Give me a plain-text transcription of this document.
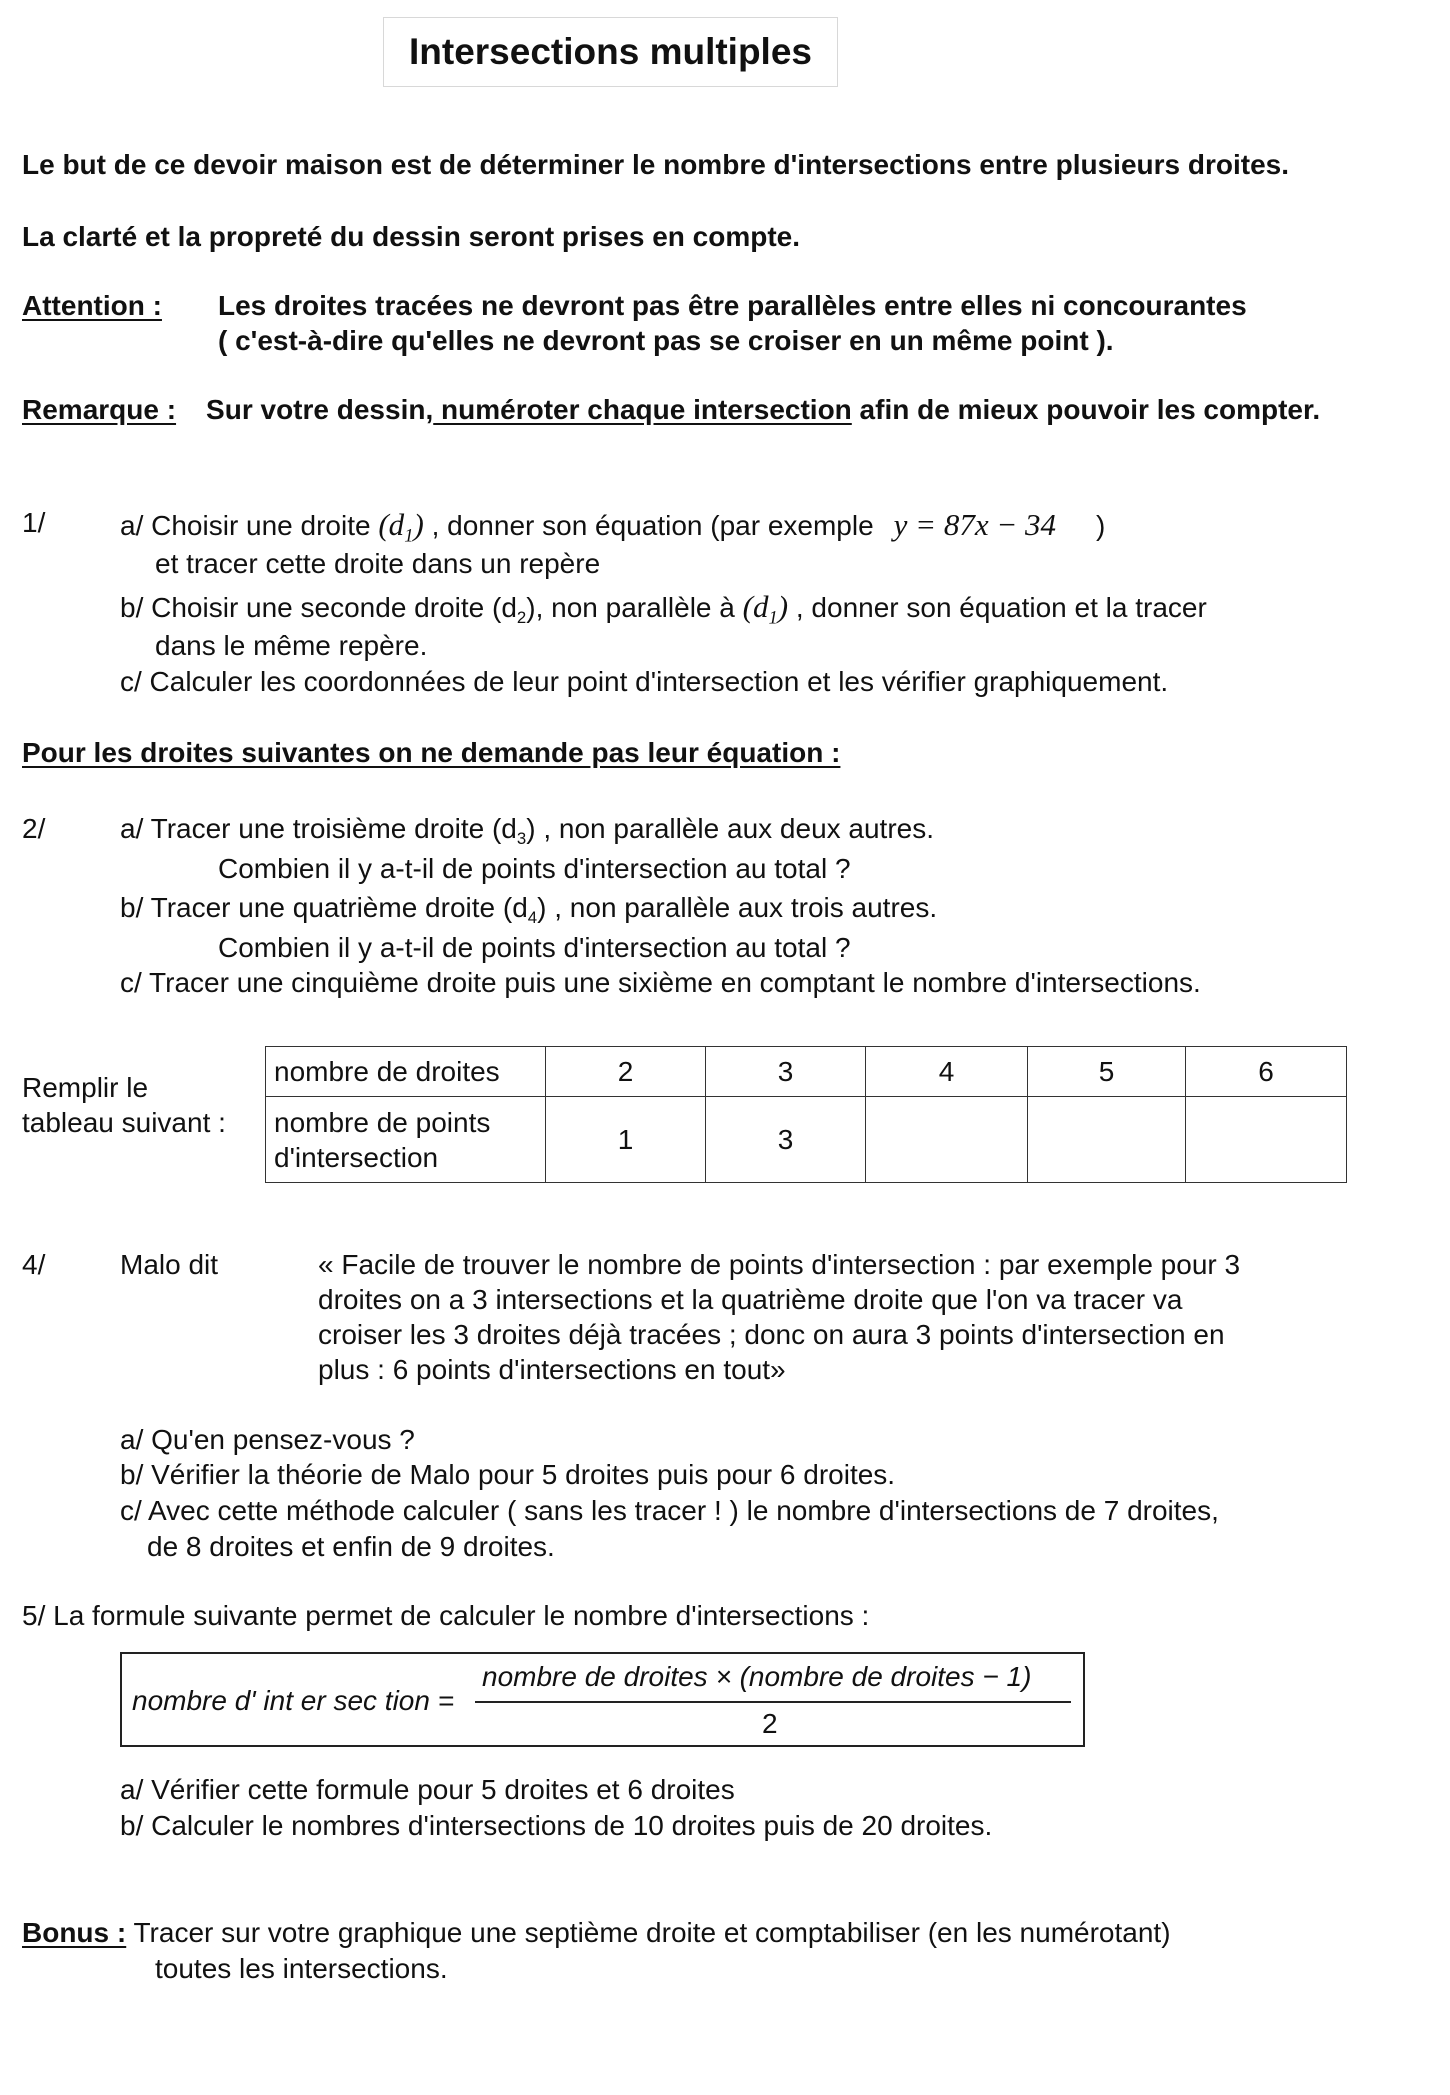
Intersections multiples
Le but de ce devoir maison est de déterminer le nombre d'intersections entre plusieurs droites.
La clarté et la propreté du dessin seront prises en compte.
Attention : Les droites tracées ne devront pas être parallèles entre elles ni concourantes
( c'est-à-dire qu'elles ne devront pas se croiser en un même point ).
Remarque : Sur votre dessin, numéroter chaque intersection afin de mieux pouvoir les compter.
1/	a/ Choisir une droite $(d_1)$ , donner son équation (par exemple y = 87x − 34 )
et tracer cette droite dans un repère
b/ Choisir une seconde droite $(d_2)$, non parallèle à $(d_1)$ , donner son équation et la tracer
dans le même repère.
c/ Calculer les coordonnées de leur point d'intersection et les vérifier graphiquement.
Pour les droites suivantes on ne demande pas leur équation :
2/	a/ Tracer une troisième droite $(d_3)$ , non parallèle aux deux autres.
Combien il y a-t-il de points d'intersection au total ?
b/ Tracer une quatrième droite $(d_4)$ , non parallèle aux trois autres.
Combien il y a-t-il de points d'intersection au total ?
c/ Tracer une cinquième droite puis une sixième en comptant le nombre d'intersections.
Remplir le
tableau suivant :
nombre de droites	2	3	4	5	6
nombre de points
d'intersection	1	3			
4/	Malo dit	« Facile de trouver le nombre de points d'intersection : par exemple pour 3
droites on a 3 intersections et la quatrième droite que l'on va tracer va
croiser les 3 droites déjà tracées ; donc on aura 3 points d'intersection en
plus : 6 points d'intersections en tout»
a/ Qu'en pensez-vous ?
b/ Vérifier la théorie de Malo pour 5 droites puis pour 6 droites.
c/ Avec cette méthode calculer ( sans les tracer ! ) le nombre d'intersections de 7 droites,
de 8 droites et enfin de 9 droites.
5/ La formule suivante permet de calculer le nombre d'intersections :
nombre d' int er sec tion =
nombre de droites × (nombre de droites − 1)
2
a/ Vérifier cette formule pour 5 droites et 6 droites
b/ Calculer le nombres d'intersections de 10 droites puis de 20 droites.
Bonus : Tracer sur votre graphique une septième droite et comptabiliser (en les numérotant)
toutes les intersections.
